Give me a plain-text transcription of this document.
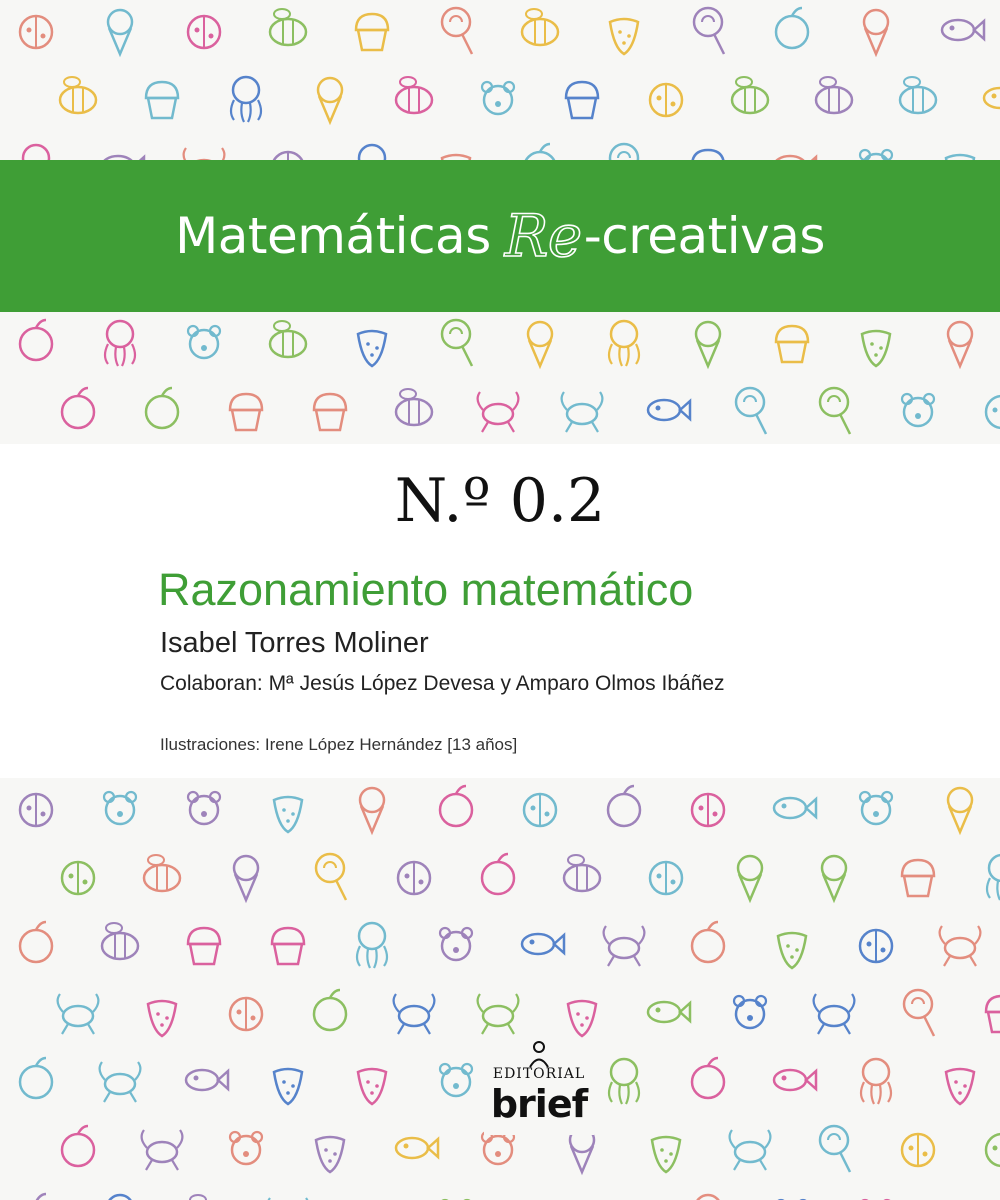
Matemáticas Re -creativas
N.º 0.2
Razonamiento matemático

Isabel Torres Moliner

Colaboran: Mª Jesús López Devesa y Amparo Olmos Ibáñez

Ilustraciones: Irene López Hernández [13 años]

EDITORIAL
brief
